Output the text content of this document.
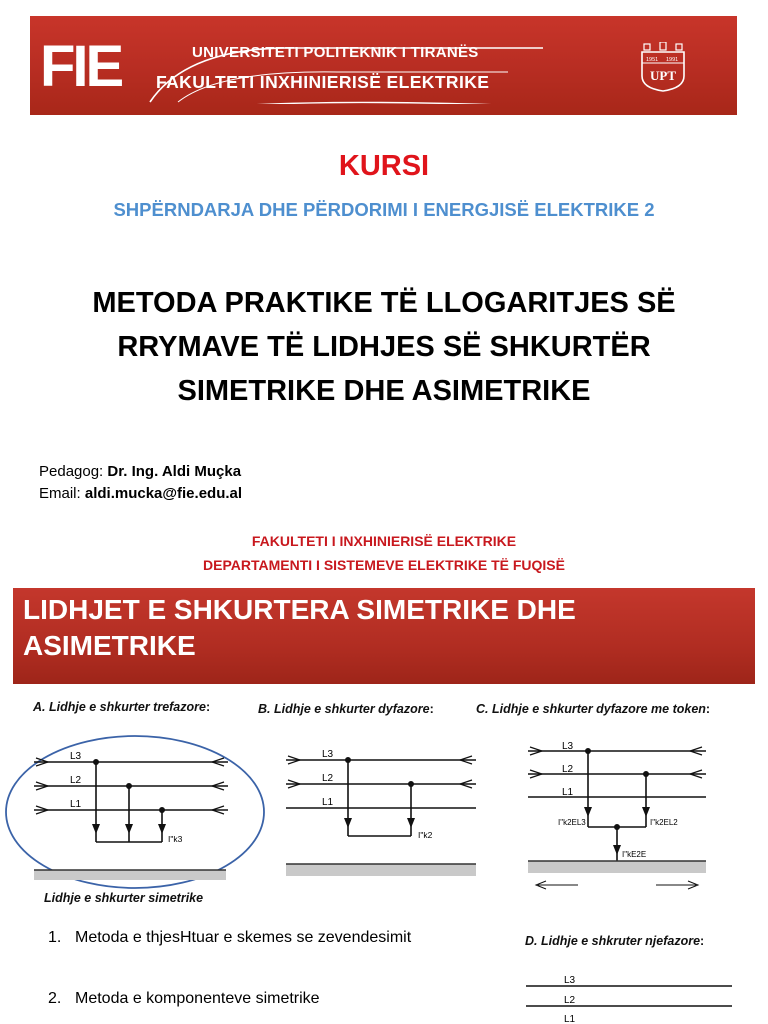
FIE	UNIVERSITETI POLITEKNIK I TIRANËS
FAKULTETI INXHINIERISË ELEKTRIKE
1951 1991
UPT
KURSI
SHPËRNDARJA DHE PËRDORIMI I ENERGJISË ELEKTRIKE 2
METODA PRAKTIKE TË LLOGARITJES SË
RRYMAVE TË LIDHJES SË SHKURTËR
SIMETRIKE DHE ASIMETRIKE
Pedagog: Dr. Ing. Aldi Muçka
Email: aldi.mucka@fie.edu.al
FAKULTETI I INXHINIERISË ELEKTRIKE
DEPARTAMENTI I SISTEMEVE ELEKTRIKE TË FUQISË
LIDHJET E SHKURTERA SIMETRIKE DHE
ASIMETRIKE
A. Lidhje e shkurter trefazore:	B. Lidhje e shkurter dyfazore:	C. Lidhje e shkurter dyfazore me token:
L3
L2
L1
I"k3
Lidhje e shkurter simetrike
L3
L2
L1
I"k2
L3
L2
L1
I"k2EL3	I"k2EL2
I"kE2E
D. Lidhje e shkruter njefazore:
L3
L2
L1
1. Metoda e thjesHtuar e skemes se zevendesimit
2. Metoda e komponenteve simetrike
